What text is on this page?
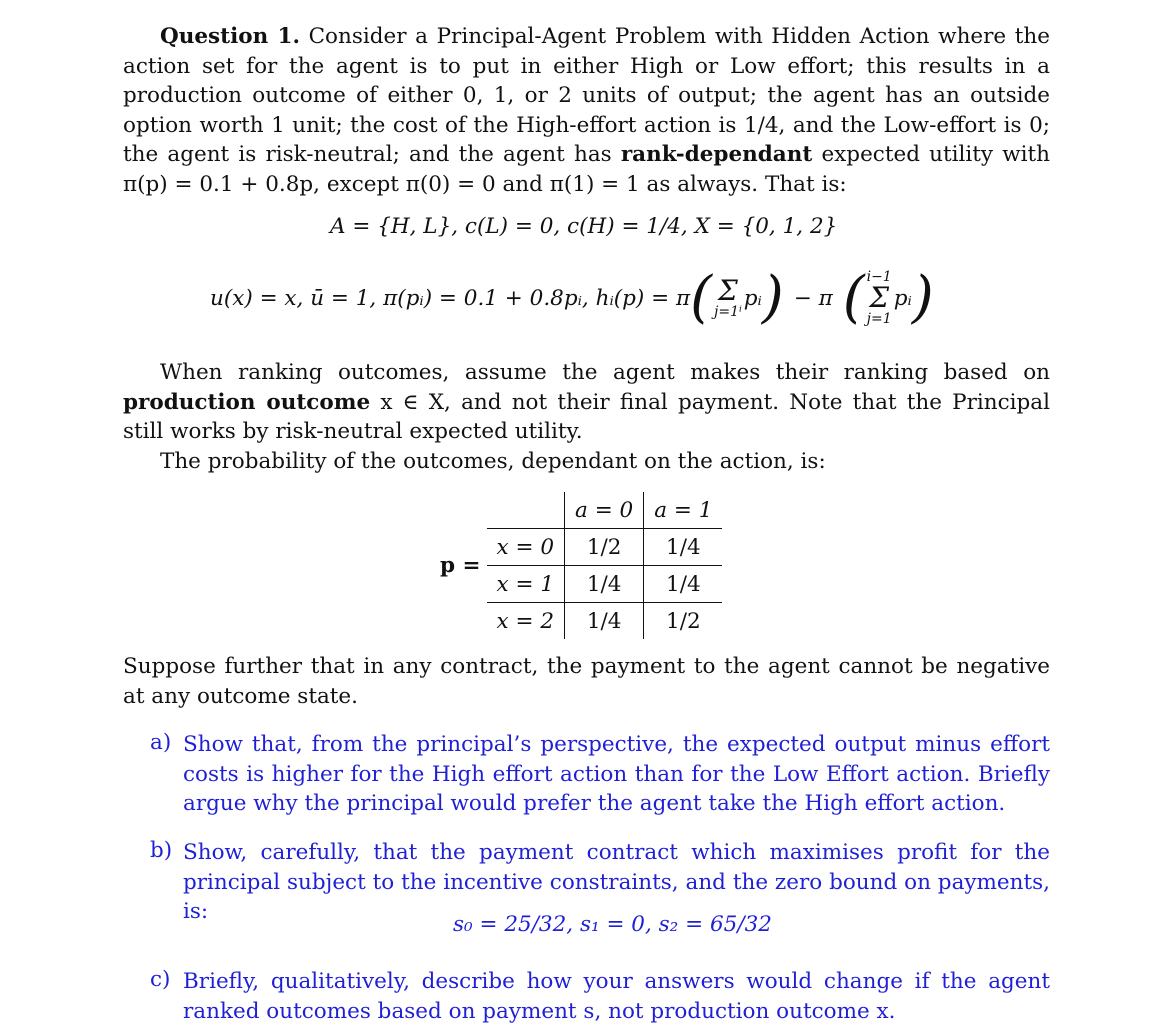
Question 1. Consider a Principal-Agent Problem with Hidden Action where the action set for the agent is to put in either High or Low effort; this results in a production outcome of either 0, 1, or 2 units of output; the agent has an outside option worth 1 unit; the cost of the High-effort action is 1/4, and the Low-effort is 0; the agent is risk-neutral; and the agent has rank-dependant expected utility with π(p) = 0.1 + 0.8p, except π(0) = 0 and π(1) = 1 as always. That is:

A = {H, L}, c(L) = 0, c(H) = 1/4, X = {0, 1, 2}
u(x) = x, ū = 1, π(pᵢ) = 0.1 + 0.8pᵢ, hᵢ(p) = π ( Σ
j=1ⁱ
pᵢ ) − π ( i−1
Σ
j=1
pᵢ )

When ranking outcomes, assume the agent makes their ranking based on production outcome x ∈ X, and not their final payment. Note that the Principal still works by risk-neutral expected utility.

The probability of the outcomes, dependant on the action, is:

p =
	a = 0	a = 1
x = 0	1/2	1/4
x = 1	1/4	1/4
x = 2	1/4	1/2

Suppose further that in any contract, the payment to the agent cannot be negative at any outcome state.

a) Show that, from the principal’s perspective, the expected output minus effort costs is higher for the High effort action than for the Low Effort action. Briefly argue why the principal would prefer the agent take the High effort action.
b) Show, carefully, that the payment contract which maximises profit for the principal subject to the incentive constraints, and the zero bound on payments, is:
s₀ = 25/32, s₁ = 0, s₂ = 65/32
c) Briefly, qualitatively, describe how your answers would change if the agent ranked outcomes based on payment s, not production outcome x.
